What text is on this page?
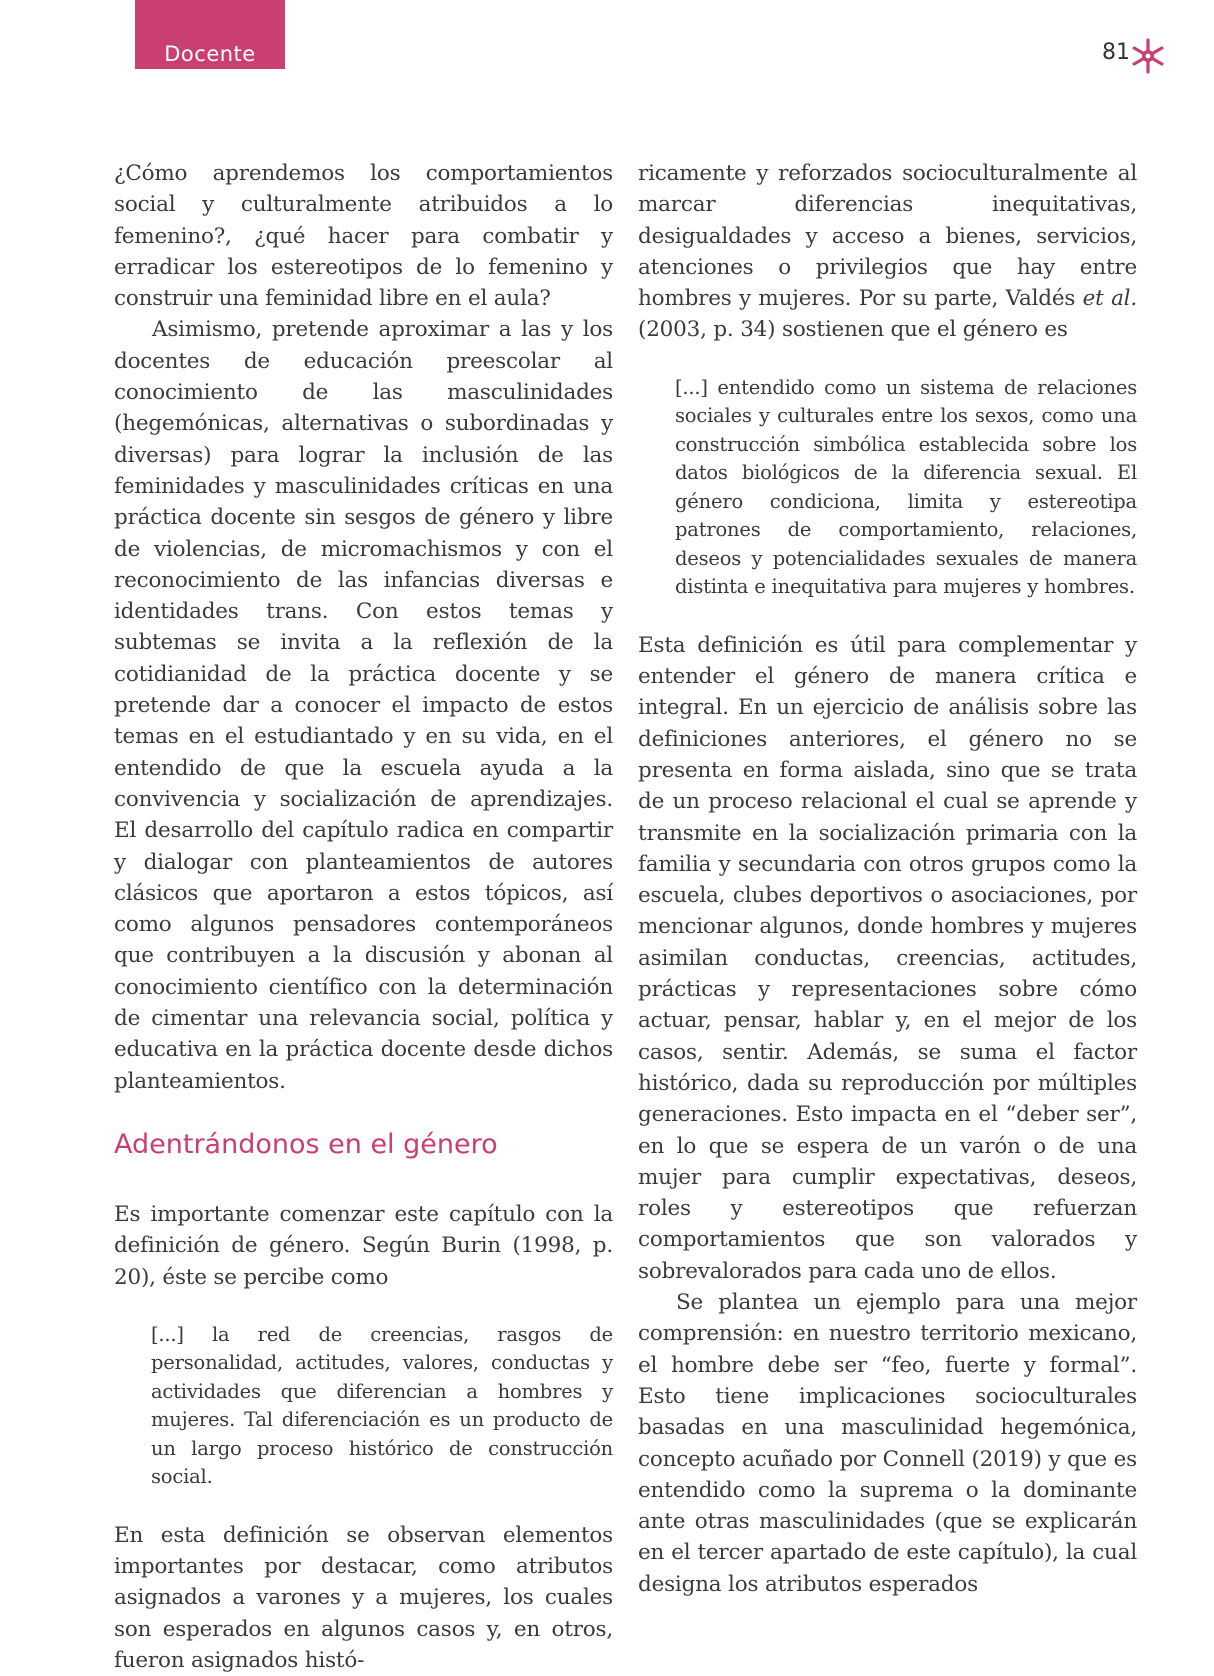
Docente	81

¿Cómo aprendemos los comportamientos social y culturalmente atribuidos a lo femenino?, ¿qué hacer para combatir y erradicar los estereotipos de lo femenino y construir una feminidad libre en el aula?

Asimismo, pretende aproximar a las y los docentes de educación preescolar al conocimiento de las masculinidades (hegemónicas, alternativas o subordinadas y diversas) para lograr la inclusión de las feminidades y masculinidades críticas en una práctica docente sin sesgos de género y libre de violencias, de micromachismos y con el reconocimiento de las infancias diversas e identidades trans. Con estos temas y subtemas se invita a la reflexión de la cotidianidad de la práctica docente y se pretende dar a conocer el impacto de estos temas en el estudiantado y en su vida, en el entendido de que la escuela ayuda a la convivencia y socialización de aprendizajes. El desarrollo del capítulo radica en compartir y dialogar con planteamientos de autores clásicos que aportaron a estos tópicos, así como algunos pensadores contemporáneos que contribuyen a la discusión y abonan al conocimiento científico con la determinación de cimentar una relevancia social, política y educativa en la práctica docente desde dichos planteamientos.

Adentrándonos en el género

Es importante comenzar este capítulo con la definición de género. Según Burin (1998, p. 20), éste se percibe como

[...] la red de creencias, rasgos de personalidad, actitudes, valores, conductas y actividades que diferencian a hombres y mujeres. Tal diferenciación es un producto de un largo proceso histórico de construcción social.

En esta definición se observan elementos importantes por destacar, como atributos asignados a varones y a mujeres, los cuales son esperados en algunos casos y, en otros, fueron asignados histó-

ricamente y reforzados socioculturalmente al marcar diferencias inequitativas, desigualdades y acceso a bienes, servicios, atenciones o privilegios que hay entre hombres y mujeres. Por su parte, Valdés et al. (2003, p. 34) sostienen que el género es

[...] entendido como un sistema de relaciones sociales y culturales entre los sexos, como una construcción simbólica establecida sobre los datos biológicos de la diferencia sexual. El género condiciona, limita y estereotipa patrones de comportamiento, relaciones, deseos y potencialidades sexuales de manera distinta e inequitativa para mujeres y hombres.

Esta definición es útil para complementar y entender el género de manera crítica e integral. En un ejercicio de análisis sobre las definiciones anteriores, el género no se presenta en forma aislada, sino que se trata de un proceso relacional el cual se aprende y transmite en la socialización primaria con la familia y secundaria con otros grupos como la escuela, clubes deportivos o asociaciones, por mencionar algunos, donde hombres y mujeres asimilan conductas, creencias, actitudes, prácticas y representaciones sobre cómo actuar, pensar, hablar y, en el mejor de los casos, sentir. Además, se suma el factor histórico, dada su reproducción por múltiples generaciones. Esto impacta en el “deber ser”, en lo que se espera de un varón o de una mujer para cumplir expectativas, deseos, roles y estereotipos que refuerzan comportamientos que son valorados y sobrevalorados para cada uno de ellos.

Se plantea un ejemplo para una mejor comprensión: en nuestro territorio mexicano, el hombre debe ser “feo, fuerte y formal”. Esto tiene implicaciones socioculturales basadas en una masculinidad hegemónica, concepto acuñado por Connell (2019) y que es entendido como la suprema o la dominante ante otras masculinidades (que se explicarán en el tercer apartado de este capítulo), la cual designa los atributos esperados
